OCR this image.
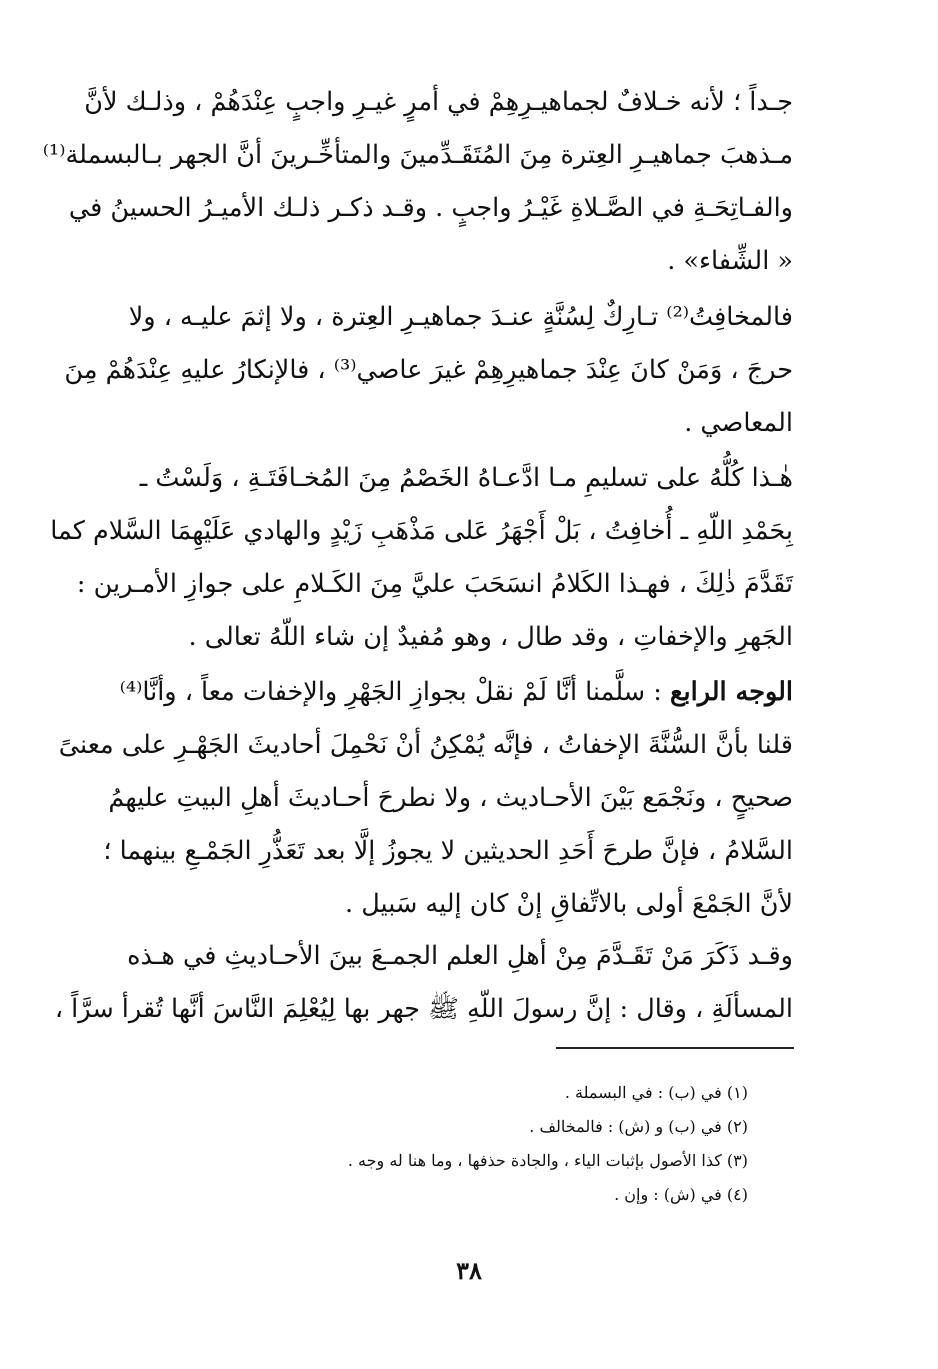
جـداً ؛ لأنه خـلافٌ لجماهيـرِهِمْ في أمرٍ غيـرِ واجبٍ عِنْدَهُمْ ، وذلـك لأنَّ
مـذهبَ جماهيـرِ العِترة مِنَ المُتَقَـدِّمينَ والمتأخِّـرينَ أنَّ الجهر بـالبسملة⁽¹⁾
والفـاتِحَـةِ في الصَّـلاةِ غَيْـرُ واجبٍ . وقـد ذكـر ذلـك الأميـرُ الحسينُ في
« الشِّفاء» .
فالمخافِتُ⁽²⁾ تـارِكٌ لِسُنَّةٍ عنـدَ جماهيـرِ العِترة ، ولا إثمَ عليـه ، ولا
حرجَ ، وَمَنْ كانَ عِنْدَ جماهيرِهِمْ غيرَ عاصي⁽³⁾ ، فالإنكارُ عليهِ عِنْدَهُمْ مِنَ
المعاصي .
هٰـذا كُلُّهُ على تسليمِ مـا ادَّعـاهُ الخَصْمُ مِنَ المُخـافَتَـةِ ، وَلَسْتُ ـ
بِحَمْدِ اللّهِ ـ أُخافِتُ ، بَلْ أَجْهَرُ عَلى مَذْهَبِ زَيْدٍ والهادي عَلَيْهِمَا السَّلام كما
تَقَدَّمَ ذٰلِكَ ، فهـذا الكَلامُ انسَحَبَ عليَّ مِنَ الكَـلامِ على جوازِ الأمـرين :
الجَهرِ والإخفاتِ ، وقد طال ، وهو مُفيدٌ إن شاء اللّهُ تعالى .
الوجه الرابع : سلَّمنا أنَّا لَمْ نقلْ بجوازِ الجَهْرِ والإخفات معاً ، وأنَّا⁽⁴⁾
قلنا بأنَّ السُّنَّةَ الإخفاتُ ، فإنَّه يُمْكِنُ أنْ نَحْمِلَ أحاديثَ الجَهْـرِ على معنىً
صحيحٍ ، ونَجْمَع بَيْنَ الأحـاديث ، ولا نطرحَ أحـاديثَ أهلِ البيتِ عليهمُ
السَّلامُ ، فإنَّ طرحَ أَحَدِ الحديثين لا يجوزُ إلَّا بعد تَعَذُّرِ الجَمْـعِ بينهما ؛
لأنَّ الجَمْعَ أولى بالاتِّفاقِ إنْ كان إليه سَبيل .
وقـد ذَكَرَ مَنْ تَقَـدَّمَ مِنْ أهلِ العلم الجمـعَ بينَ الأحـاديثِ في هـذه
المسألَةِ ، وقال : إنَّ رسولَ اللّهِ ﷺ جهر بها لِيُعْلِمَ النَّاسَ أنَّها تُقرأ سرَّاً ،
(١) في (ب) : في البسملة .
(٢) في (ب) و (ش) : فالمخالف .
(٣) كذا الأصول بإثبات الياء ، والجادة حذفها ، وما هنا له وجه .
(٤) في (ش) : وإن .
٣٨
